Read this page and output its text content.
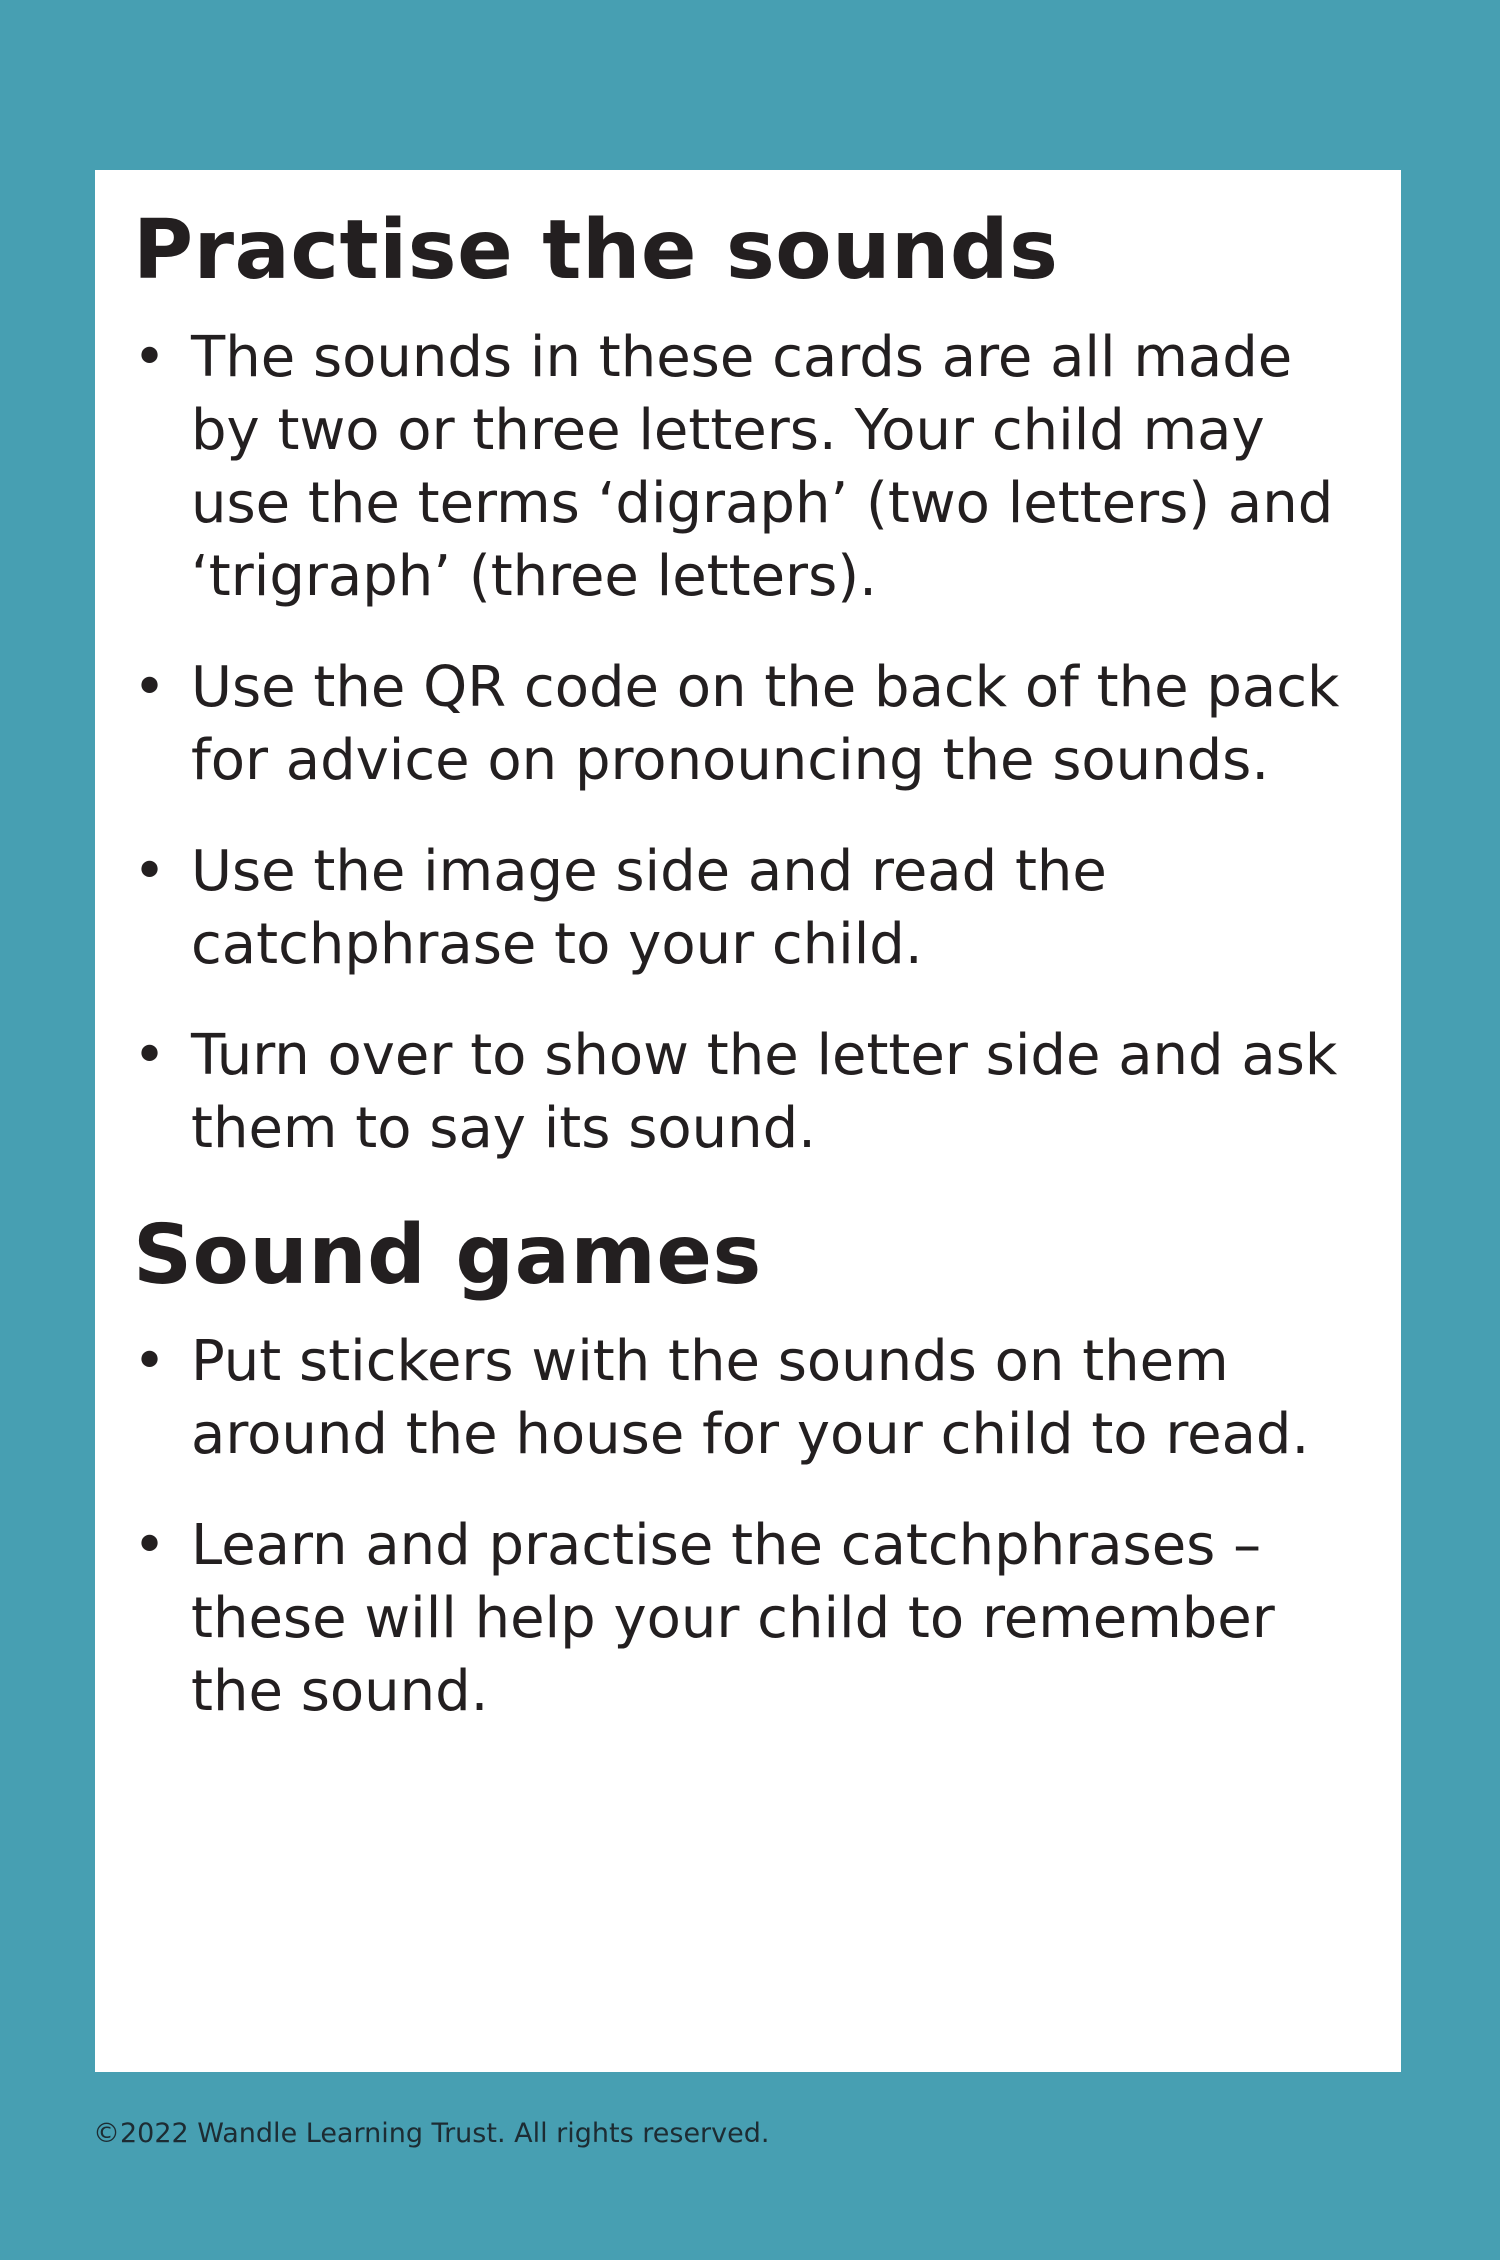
Practise the sounds
• The sounds in these cards are all made by two or three letters. Your child may use the terms ‘digraph’ (two letters) and ‘trigraph’ (three letters).
• Use the QR code on the back of the pack for advice on pronouncing the sounds.
• Use the image side and read the catchphrase to your child.
• Turn over to show the letter side and ask them to say its sound.
Sound games
• Put stickers with the sounds on them around the house for your child to read.
• Learn and practise the catchphrases – these will help your child to remember the sound.
©2022 Wandle Learning Trust. All rights reserved.
